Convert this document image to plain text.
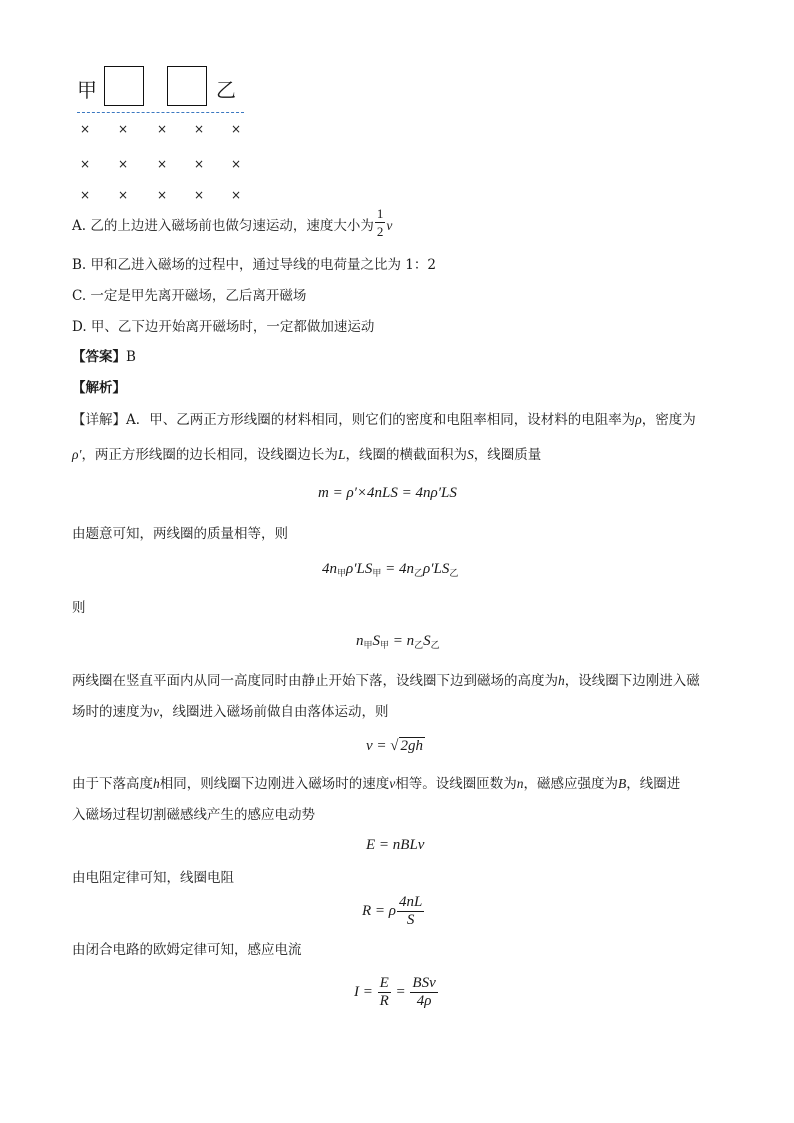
甲	乙
× × × × ×
× × × × ×
× × × × ×
A. 乙的上边进入磁场前也做匀速运动，速度大小为 $\frac{1}{2}$ v
B. 甲和乙进入磁场的过程中，通过导线的电荷量之比为 1：2
C. 一定是甲先离开磁场，乙后离开磁场
D. 甲、乙下边开始离开磁场时，一定都做加速运动
【答案】B
【解析】
【详解】A．甲、乙两正方形线圈的材料相同，则它们的密度和电阻率相同，设材料的电阻率为ρ，密度为
ρ′，两正方形线圈的边长相同，设线圈边长为L，线圈的横截面积为S，线圈质量
m = ρ′×4nLS = 4nρ′LS
由题意可知，两线圈的质量相等，则
$4n_甲\rho'LS_甲 = 4n_乙\rho'LS_乙$
则
$n_甲S_甲 = n_乙S_乙$
两线圈在竖直平面内从同一高度同时由静止开始下落，设线圈下边到磁场的高度为h，设线圈下边刚进入磁
场时的速度为v，线圈进入磁场前做自由落体运动，则
v = √ 2gh
由于下落高度h相同，则线圈下边刚进入磁场时的速度v相等。设线圈匝数为n，磁感应强度为B，线圈进
入磁场过程切割磁感线产生的感应电动势
E = nBLv
由电阻定律可知，线圈电阻
R = ρ $\frac{4nL}{S}$
由闭合电路的欧姆定律可知，感应电流
$I = \frac{E}{R} = \frac{\text{BSv}}{4\rho}$
